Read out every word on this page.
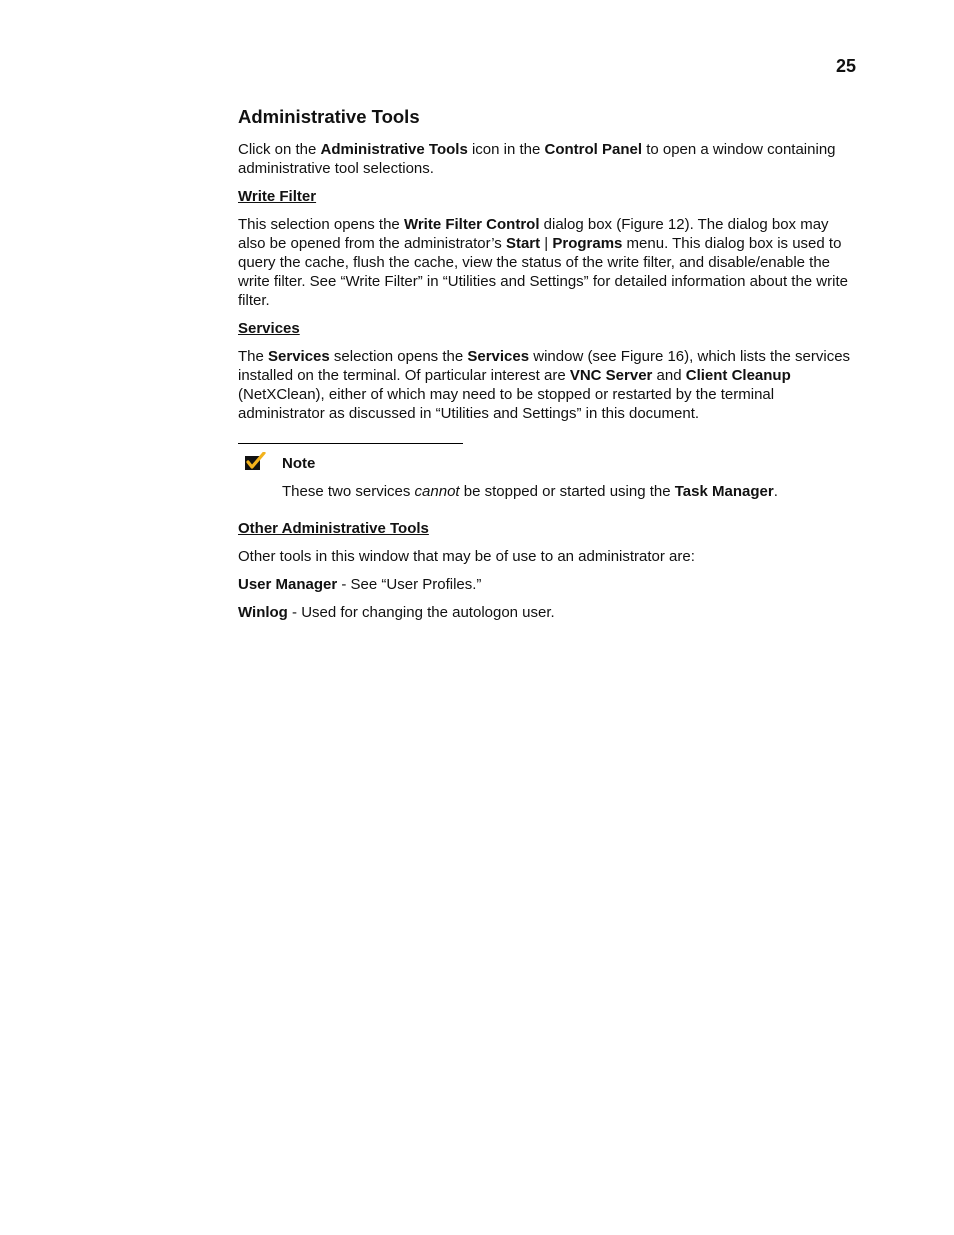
25
Administrative Tools

Click on the Administrative Tools icon in the Control Panel to open a window containing administrative tool selections.

Write Filter

This selection opens the Write Filter Control dialog box (Figure 12). The dialog box may also be opened from the administrator’s Start | Programs menu. This dialog box is used to query the cache, flush the cache, view the status of the write filter, and disable/enable the write filter. See “Write Filter” in “Utilities and Settings” for detailed information about the write filter.

Services

The Services selection opens the Services window (see Figure 16), which lists the services installed on the terminal. Of particular interest are VNC Server and Client Cleanup (NetXClean), either of which may need to be stopped or restarted by the terminal administrator as discussed in “Utilities and Settings” in this document.

Note

These two services cannot be stopped or started using the Task Manager.

Other Administrative Tools

Other tools in this window that may be of use to an administrator are:

User Manager - See “User Profiles.”

Winlog - Used for changing the autologon user.
